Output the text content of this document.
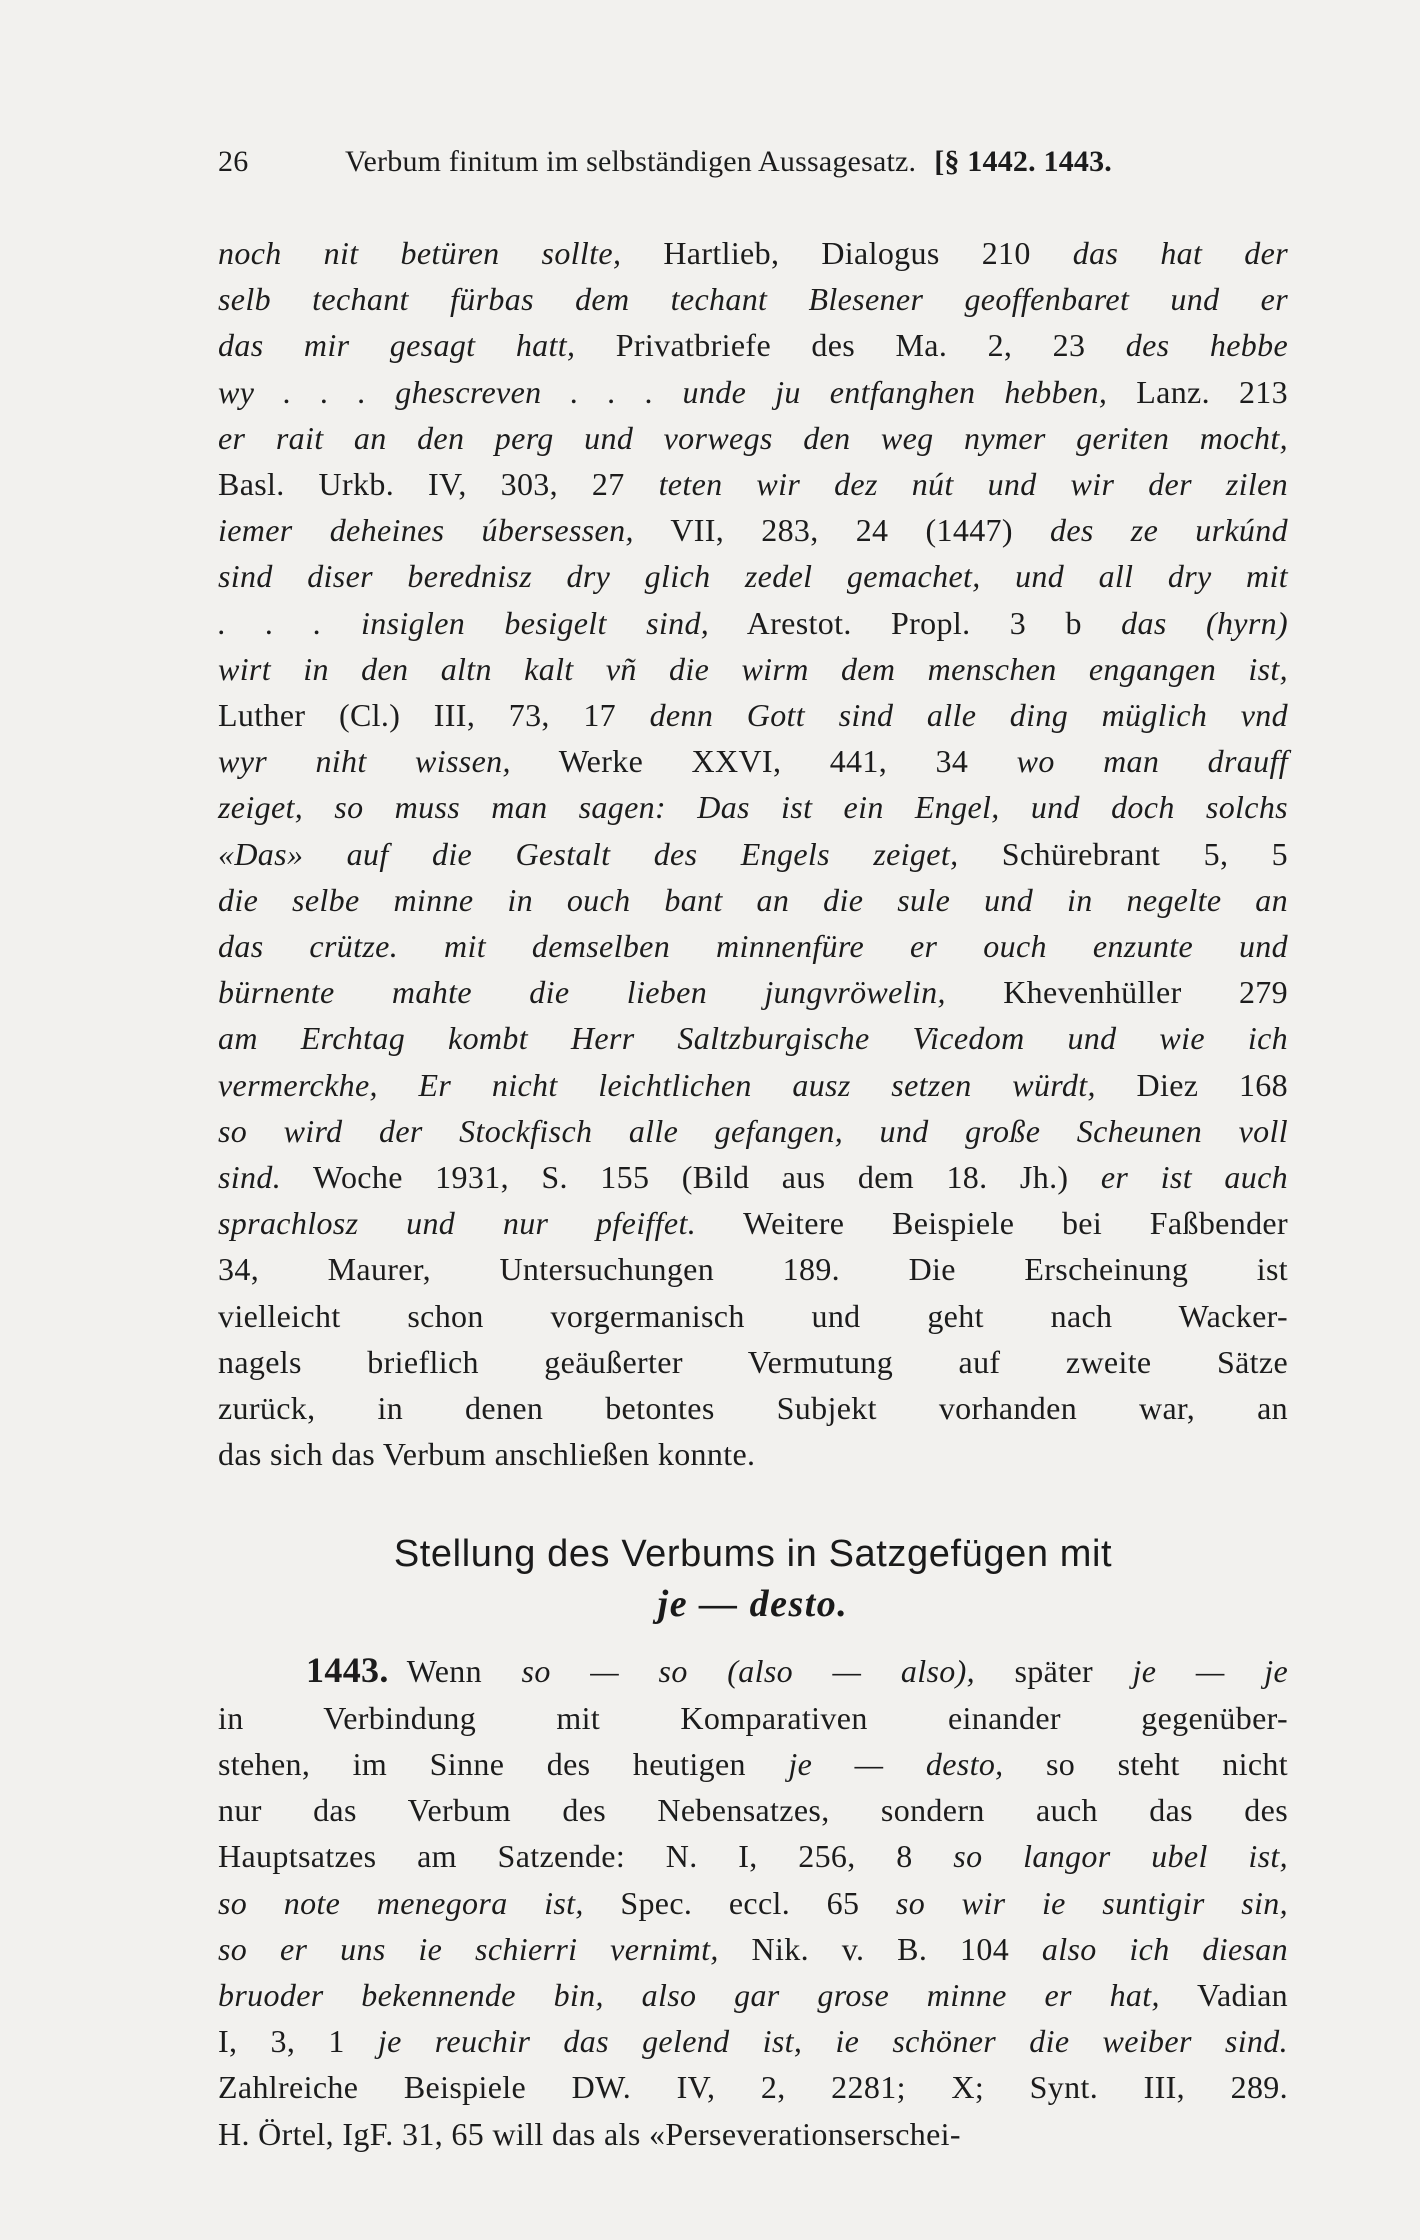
26	Verbum finitum im selbständigen Aussagesatz. [§ 1442. 1443.
noch nit betüren sollte, Hartlieb, Dialogus 210 das hat der
selb techant fürbas dem techant Blesener geoffenbaret und er
das mir gesagt hatt, Privatbriefe des Ma. 2, 23 des hebbe
wy . . . ghescreven . . . unde ju entfanghen hebben, Lanz. 213
er rait an den perg und vorwegs den weg nymer geriten mocht,
Basl. Urkb. IV, 303, 27 teten wir dez nút und wir der zilen
iemer deheines úbersessen, VII, 283, 24 (1447) des ze urkúnd
sind diser berednisz dry glich zedel gemachet, und all dry mit
. . . insiglen besigelt sind, Arestot. Propl. 3 b das (hyrn)
wirt in den altn kalt vñ die wirm dem menschen engangen ist,
Luther (Cl.) III, 73, 17 denn Gott sind alle ding müglich vnd
wyr niht wissen, Werke XXVI, 441, 34 wo man drauff
zeiget, so muss man sagen: Das ist ein Engel, und doch solchs
«Das» auf die Gestalt des Engels zeiget, Schürebrant 5, 5
die selbe minne in ouch bant an die sule und in negelte an
das crütze. mit demselben minnenfüre er ouch enzunte und
bürnente mahte die lieben jungvröwelin, Khevenhüller 279
am Erchtag kombt Herr Saltzburgische Vicedom und wie ich
vermerckhe, Er nicht leichtlichen ausz setzen würdt, Diez 168
so wird der Stockfisch alle gefangen, und große Scheunen voll
sind. Woche 1931, S. 155 (Bild aus dem 18. Jh.) er ist auch
sprachlosz und nur pfeiffet. Weitere Beispiele bei Faßbender
34, Maurer, Untersuchungen 189. Die Erscheinung ist
vielleicht schon vorgermanisch und geht nach Wacker-
nagels brieflich geäußerter Vermutung auf zweite Sätze
zurück, in denen betontes Subjekt vorhanden war, an
das sich das Verbum anschließen konnte.
Stellung des Verbums in Satzgefügen mit
je — desto.
1443. Wenn so — so (also — also), später je — je
in Verbindung mit Komparativen einander gegenüber-
stehen, im Sinne des heutigen je — desto, so steht nicht
nur das Verbum des Nebensatzes, sondern auch das des
Hauptsatzes am Satzende: N. I, 256, 8 so langor ubel ist,
so note menegora ist, Spec. eccl. 65 so wir ie suntigir sin,
so er uns ie schierri vernimt, Nik. v. B. 104 also ich diesan
bruoder bekennende bin, also gar grose minne er hat, Vadian
I, 3, 1 je reuchir das gelend ist, ie schöner die weiber sind.
Zahlreiche Beispiele DW. IV, 2, 2281; X; Synt. III, 289.
H. Örtel, IgF. 31, 65 will das als «Perseverationserschei-
